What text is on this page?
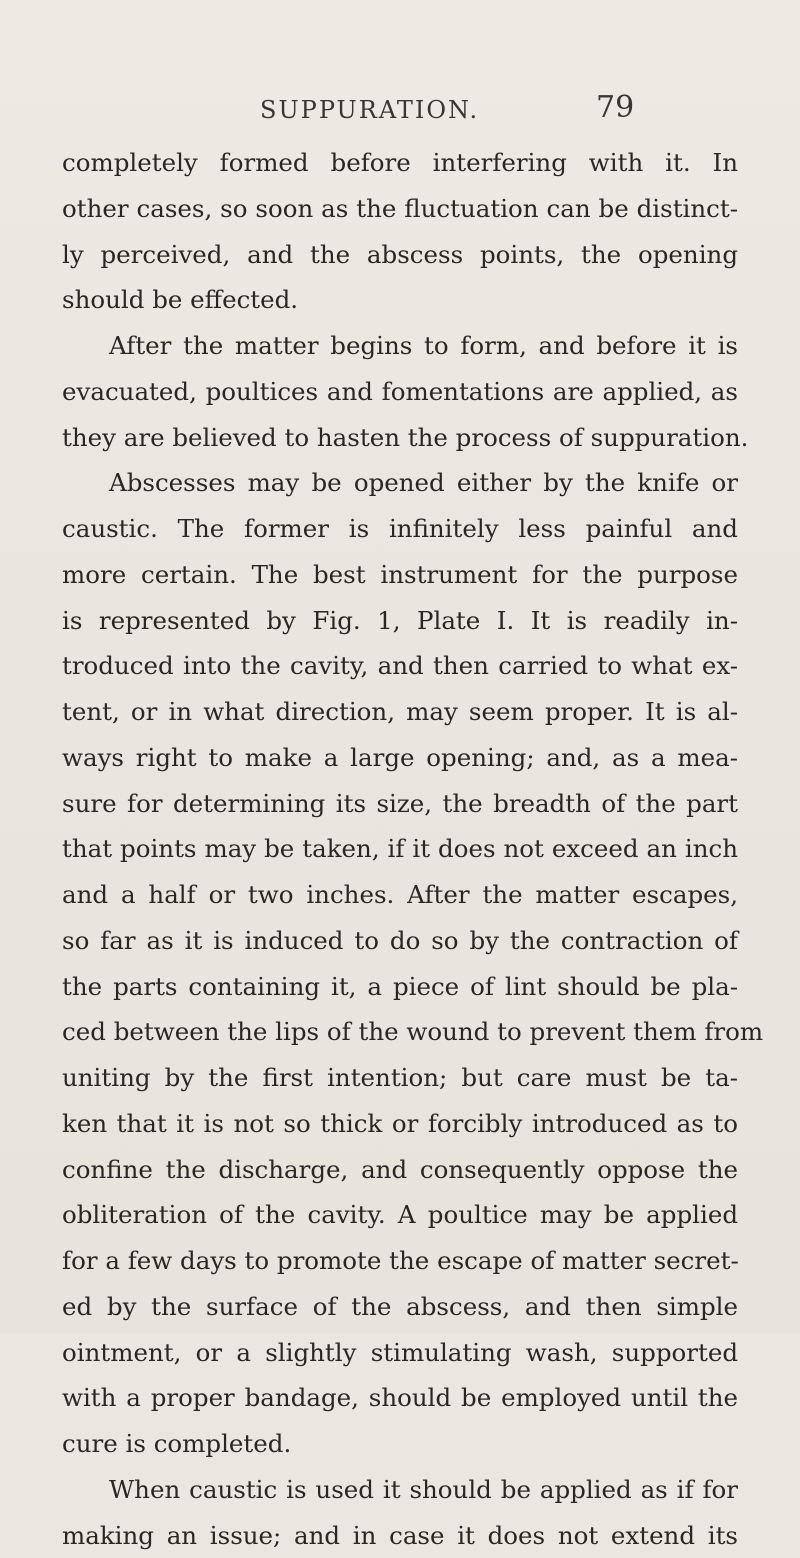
SUPPURATION.	79
completely formed before interfering with it. In
other cases, so soon as the fluctuation can be distinct-
ly perceived, and the abscess points, the opening
should be effected.
After the matter begins to form, and before it is
evacuated, poultices and fomentations are applied, as
they are believed to hasten the process of suppuration.
Abscesses may be opened either by the knife or
caustic. The former is infinitely less painful and
more certain. The best instrument for the purpose
is represented by Fig. 1, Plate I. It is readily in-
troduced into the cavity, and then carried to what ex-
tent, or in what direction, may seem proper. It is al-
ways right to make a large opening; and, as a mea-
sure for determining its size, the breadth of the part
that points may be taken, if it does not exceed an inch
and a half or two inches. After the matter escapes,
so far as it is induced to do so by the contraction of
the parts containing it, a piece of lint should be pla-
ced between the lips of the wound to prevent them from
uniting by the first intention; but care must be ta-
ken that it is not so thick or forcibly introduced as to
confine the discharge, and consequently oppose the
obliteration of the cavity. A poultice may be applied
for a few days to promote the escape of matter secret-
ed by the surface of the abscess, and then simple
ointment, or a slightly stimulating wash, supported
with a proper bandage, should be employed until the
cure is completed.
When caustic is used it should be applied as if for
making an issue; and in case it does not extend its
